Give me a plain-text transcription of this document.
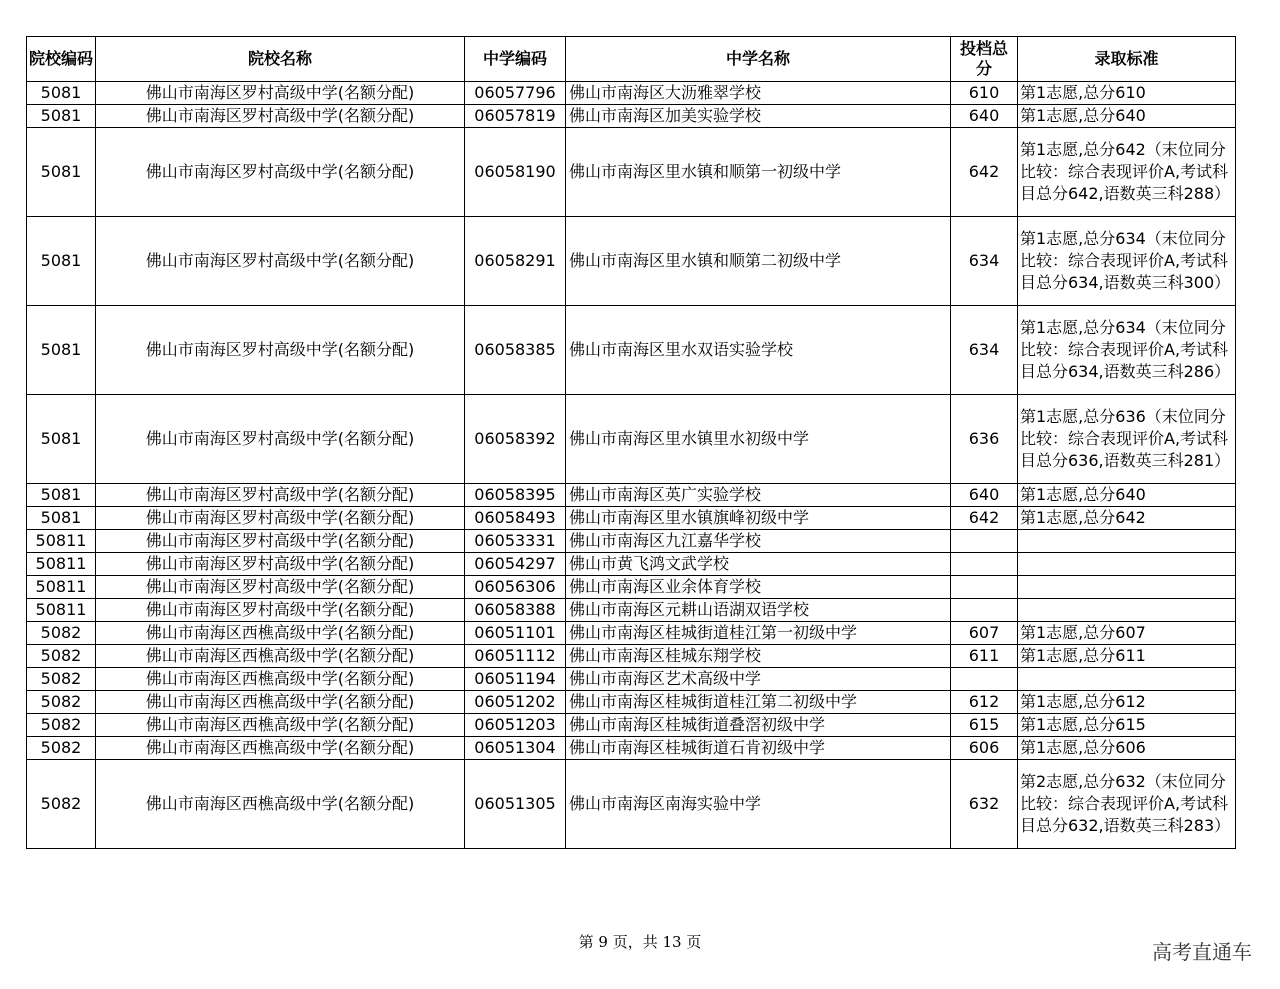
院校编码	院校名称	中学编码	中学名称	投档总分	录取标准
5081	佛山市南海区罗村高级中学(名额分配)	06057796	佛山市南海区大沥雅翠学校	610	第1志愿,总分610
5081	佛山市南海区罗村高级中学(名额分配)	06057819	佛山市南海区加美实验学校	640	第1志愿,总分640
5081	佛山市南海区罗村高级中学(名额分配)	06058190	佛山市南海区里水镇和顺第一初级中学	642	第1志愿,总分642（末位同分比较：综合表现评价A,考试科目总分642,语数英三科288）
5081	佛山市南海区罗村高级中学(名额分配)	06058291	佛山市南海区里水镇和顺第二初级中学	634	第1志愿,总分634（末位同分比较：综合表现评价A,考试科目总分634,语数英三科300）
5081	佛山市南海区罗村高级中学(名额分配)	06058385	佛山市南海区里水双语实验学校	634	第1志愿,总分634（末位同分比较：综合表现评价A,考试科目总分634,语数英三科286）
5081	佛山市南海区罗村高级中学(名额分配)	06058392	佛山市南海区里水镇里水初级中学	636	第1志愿,总分636（末位同分比较：综合表现评价A,考试科目总分636,语数英三科281）
5081	佛山市南海区罗村高级中学(名额分配)	06058395	佛山市南海区英广实验学校	640	第1志愿,总分640
5081	佛山市南海区罗村高级中学(名额分配)	06058493	佛山市南海区里水镇旗峰初级中学	642	第1志愿,总分642
50811	佛山市南海区罗村高级中学(名额分配)	06053331	佛山市南海区九江嘉华学校		
50811	佛山市南海区罗村高级中学(名额分配)	06054297	佛山市黄飞鸿文武学校		
50811	佛山市南海区罗村高级中学(名额分配)	06056306	佛山市南海区业余体育学校		
50811	佛山市南海区罗村高级中学(名额分配)	06058388	佛山市南海区元耕山语湖双语学校		
5082	佛山市南海区西樵高级中学(名额分配)	06051101	佛山市南海区桂城街道桂江第一初级中学	607	第1志愿,总分607
5082	佛山市南海区西樵高级中学(名额分配)	06051112	佛山市南海区桂城东翔学校	611	第1志愿,总分611
5082	佛山市南海区西樵高级中学(名额分配)	06051194	佛山市南海区艺术高级中学		
5082	佛山市南海区西樵高级中学(名额分配)	06051202	佛山市南海区桂城街道桂江第二初级中学	612	第1志愿,总分612
5082	佛山市南海区西樵高级中学(名额分配)	06051203	佛山市南海区桂城街道叠滘初级中学	615	第1志愿,总分615
5082	佛山市南海区西樵高级中学(名额分配)	06051304	佛山市南海区桂城街道石肯初级中学	606	第1志愿,总分606
5082	佛山市南海区西樵高级中学(名额分配)	06051305	佛山市南海区南海实验中学	632	第2志愿,总分632（末位同分比较：综合表现评价A,考试科目总分632,语数英三科283）
第 9 页，共 13 页	高考直通车
